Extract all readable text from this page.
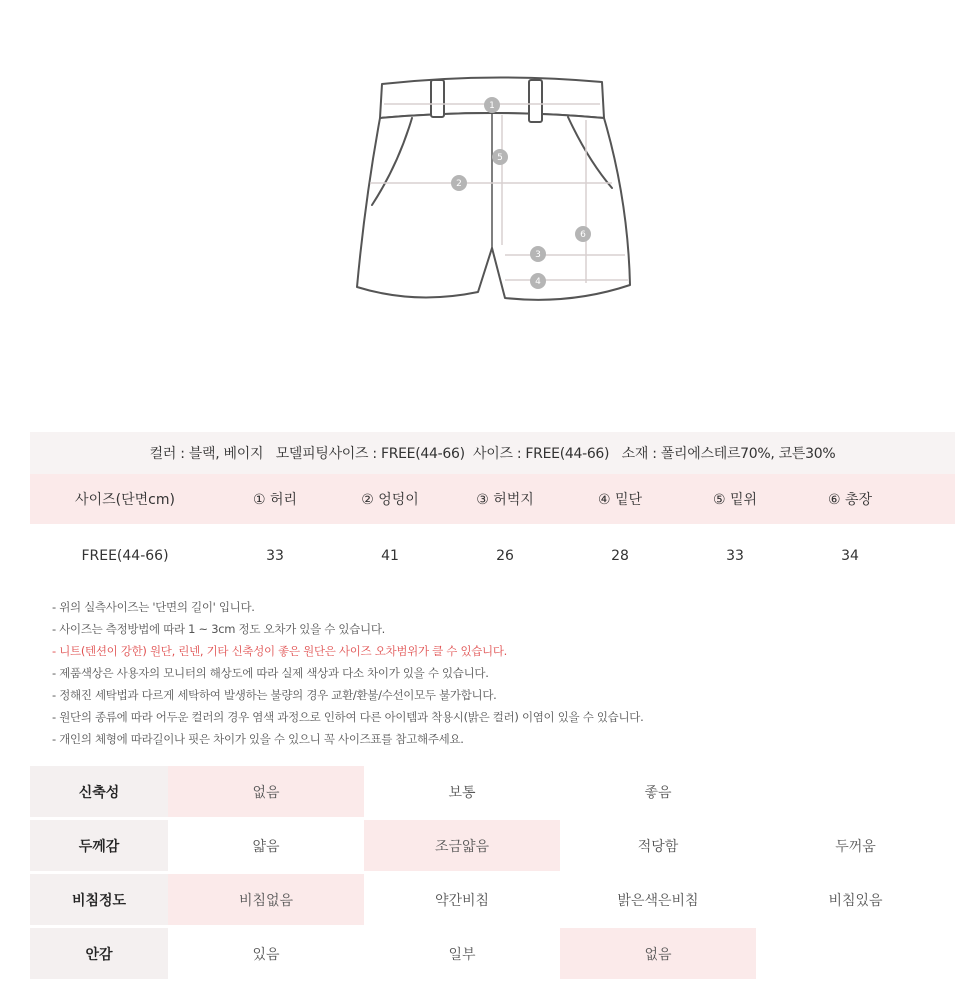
1
2
3
4
5
6
컬러 : 블랙, 베이지   모델피팅사이즈 : FREE(44-66)  사이즈 : FREE(44-66)   소재 : 폴리에스테르70%, 코튼30%
사이즈(단면cm)	① 허리	② 엉덩이	③ 허벅지	④ 밑단	⑤ 밑위	⑥ 총장
FREE(44-66)	33	41	26	28	33	34
- 위의 실측사이즈는 '단면의 길이' 입니다.
- 사이즈는 측정방법에 따라 1 ~ 3cm 정도 오차가 있을 수 있습니다.
- 니트(텐션이 강한) 원단, 린넨, 기타 신축성이 좋은 원단은 사이즈 오차범위가 클 수 있습니다.
- 제품색상은 사용자의 모니터의 해상도에 따라 실제 색상과 다소 차이가 있을 수 있습니다.
- 정해진 세탁법과 다르게 세탁하여 발생하는 불량의 경우 교환/환불/수선이모두 불가합니다.
- 원단의 종류에 따라 어두운 컬러의 경우 염색 과정으로 인하여 다른 아이템과 착용시(밝은 컬러) 이염이 있을 수 있습니다.
- 개인의 체형에 따라길이나 핏은 차이가 있을 수 있으니 꼭 사이즈표를 참고해주세요.
신축성	없음	보통	좋음
두께감	얇음	조금얇음	적당함	두꺼움
비침정도	비침없음	약간비침	밝은색은비침	비침있음
안감	있음	일부	없음
